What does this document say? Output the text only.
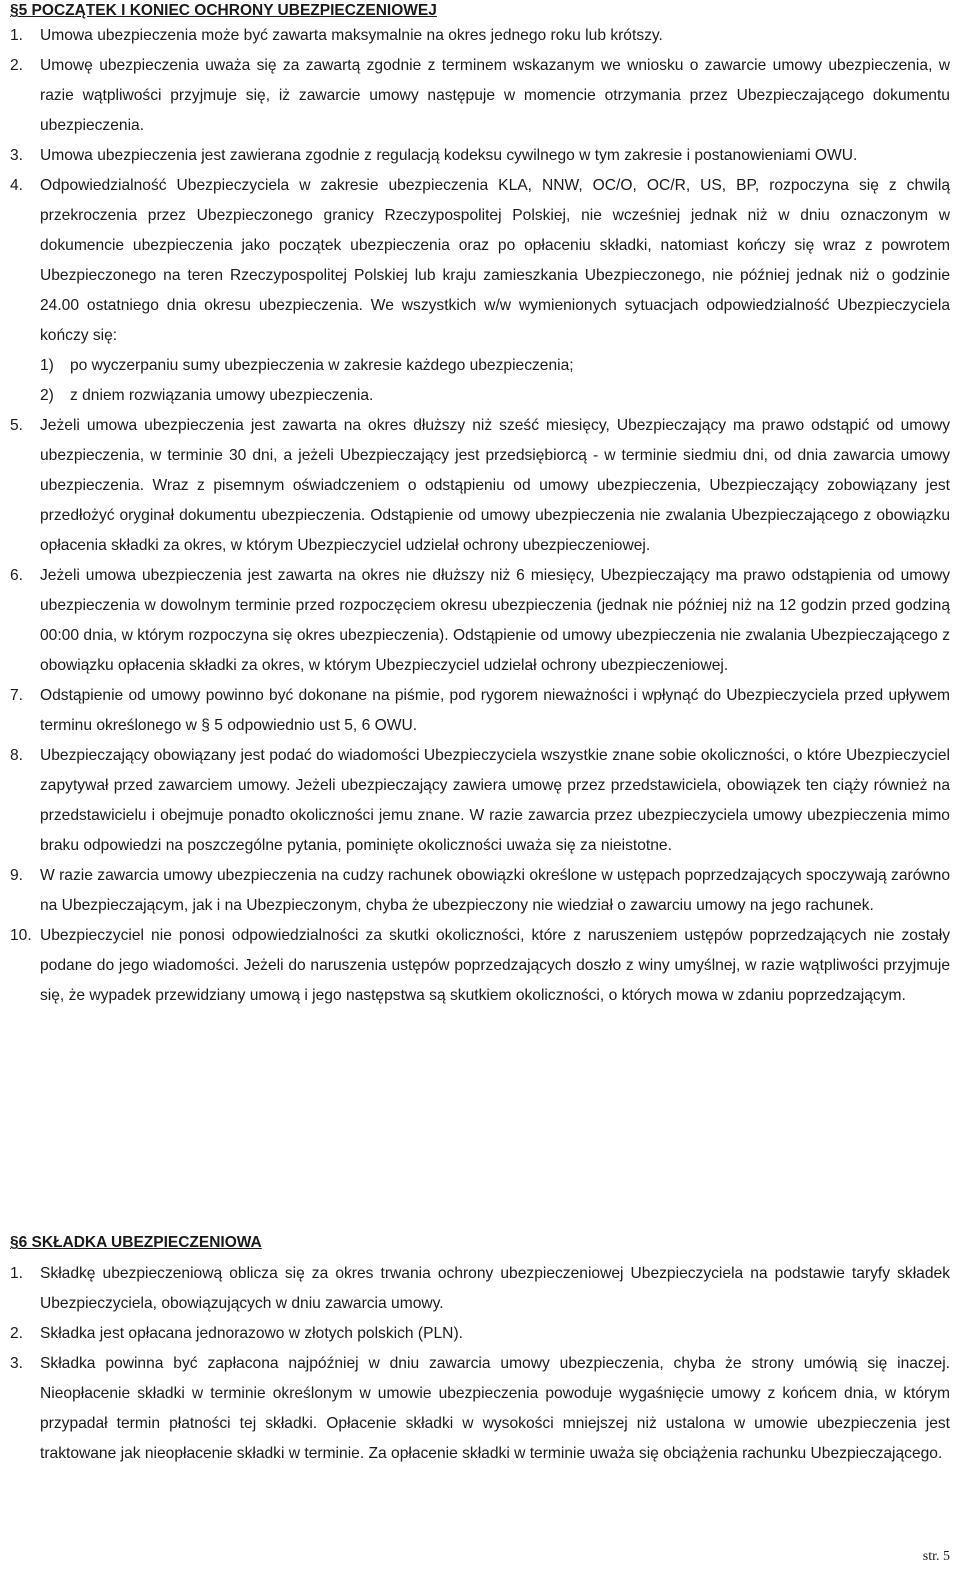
§5 POCZĄTEK I KONIEC OCHRONY UBEZPIECZENIOWEJ
1. Umowa ubezpieczenia może być zawarta maksymalnie na okres jednego roku lub krótszy.
2. Umowę ubezpieczenia uważa się za zawartą zgodnie z terminem wskazanym we wniosku o zawarcie umowy ubezpieczenia, w razie wątpliwości przyjmuje się, iż zawarcie umowy następuje w momencie otrzymania przez Ubezpieczającego dokumentu ubezpieczenia.
3. Umowa ubezpieczenia jest zawierana zgodnie z regulacją kodeksu cywilnego w tym zakresie i postanowieniami OWU.
4. Odpowiedzialność Ubezpieczyciela w zakresie ubezpieczenia KLA, NNW, OC/O, OC/R, US, BP, rozpoczyna się z chwilą przekroczenia przez Ubezpieczonego granicy Rzeczypospolitej Polskiej, nie wcześniej jednak niż w dniu oznaczonym w dokumencie ubezpieczenia jako początek ubezpieczenia oraz po opłaceniu składki, natomiast kończy się wraz z powrotem Ubezpieczonego na teren Rzeczypospolitej Polskiej lub kraju zamieszkania Ubezpieczonego, nie później jednak niż o godzinie 24.00 ostatniego dnia okresu ubezpieczenia. We wszystkich w/w wymienionych sytuacjach odpowiedzialność Ubezpieczyciela kończy się:
1) po wyczerpaniu sumy ubezpieczenia w zakresie każdego ubezpieczenia;
2) z dniem rozwiązania umowy ubezpieczenia.
5. Jeżeli umowa ubezpieczenia jest zawarta na okres dłuższy niż sześć miesięcy, Ubezpieczający ma prawo odstąpić od umowy ubezpieczenia, w terminie 30 dni, a jeżeli Ubezpieczający jest przedsiębiorcą - w terminie siedmiu dni, od dnia zawarcia umowy ubezpieczenia. Wraz z pisemnym oświadczeniem o odstąpieniu od umowy ubezpieczenia, Ubezpieczający zobowiązany jest przedłożyć oryginał dokumentu ubezpieczenia. Odstąpienie od umowy ubezpieczenia nie zwalania Ubezpieczającego z obowiązku opłacenia składki za okres, w którym Ubezpieczyciel udzielał ochrony ubezpieczeniowej.
6. Jeżeli umowa ubezpieczenia jest zawarta na okres nie dłuższy niż 6 miesięcy, Ubezpieczający ma prawo odstąpienia od umowy ubezpieczenia w dowolnym terminie przed rozpoczęciem okresu ubezpieczenia (jednak nie później niż na 12 godzin przed godziną 00:00 dnia, w którym rozpoczyna się okres ubezpieczenia). Odstąpienie od umowy ubezpieczenia nie zwalania Ubezpieczającego z obowiązku opłacenia składki za okres, w którym Ubezpieczyciel udzielał ochrony ubezpieczeniowej.
7. Odstąpienie od umowy powinno być dokonane na piśmie, pod rygorem nieważności i wpłynąć do Ubezpieczyciela przed upływem terminu określonego w § 5 odpowiednio ust 5, 6 OWU.
8. Ubezpieczający obowiązany jest podać do wiadomości Ubezpieczyciela wszystkie znane sobie okoliczności, o które Ubezpieczyciel zapytywał przed zawarciem umowy. Jeżeli ubezpieczający zawiera umowę przez przedstawiciela, obowiązek ten ciąży również na przedstawicielu i obejmuje ponadto okoliczności jemu znane. W razie zawarcia przez ubezpieczyciela umowy ubezpieczenia mimo braku odpowiedzi na poszczególne pytania, pominięte okoliczności uważa się za nieistotne.
9. W razie zawarcia umowy ubezpieczenia na cudzy rachunek obowiązki określone w ustępach poprzedzających spoczywają zarówno na Ubezpieczającym, jak i na Ubezpieczonym, chyba że ubezpieczony nie wiedział o zawarciu umowy na jego rachunek.
10. Ubezpieczyciel nie ponosi odpowiedzialności za skutki okoliczności, które z naruszeniem ustępów poprzedzających nie zostały podane do jego wiadomości. Jeżeli do naruszenia ustępów poprzedzających doszło z winy umyślnej, w razie wątpliwości przyjmuje się, że wypadek przewidziany umową i jego następstwa są skutkiem okoliczności, o których mowa w zdaniu poprzedzającym.
§6 SKŁADKA UBEZPIECZENIOWA
1. Składkę ubezpieczeniową oblicza się za okres trwania ochrony ubezpieczeniowej Ubezpieczyciela na podstawie taryfy składek Ubezpieczyciela, obowiązujących w dniu zawarcia umowy.
2. Składka jest opłacana jednorazowo w złotych polskich (PLN).
3. Składka powinna być zapłacona najpóźniej w dniu zawarcia umowy ubezpieczenia, chyba że strony umówią się inaczej. Nieopłacenie składki w terminie określonym w umowie ubezpieczenia powoduje wygaśnięcie umowy z końcem dnia, w którym przypadał termin płatności tej składki. Opłacenie składki w wysokości mniejszej niż ustalona w umowie ubezpieczenia jest traktowane jak nieopłacenie składki w terminie. Za opłacenie składki w terminie uważa się obciążenia rachunku Ubezpieczającego.
str. 5
